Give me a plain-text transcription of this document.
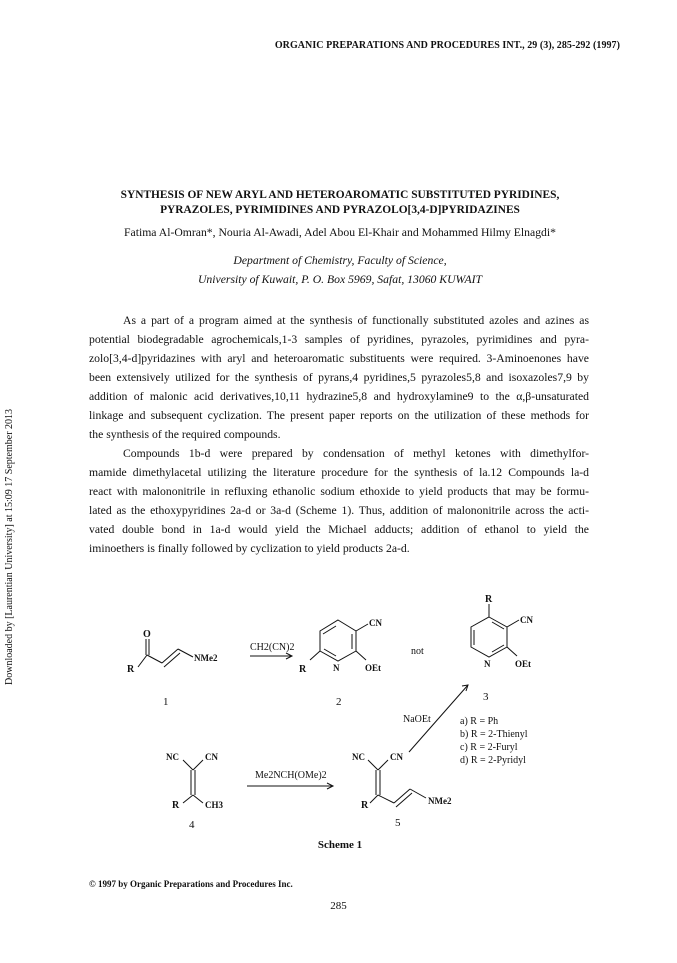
ORGANIC PREPARATIONS AND PROCEDURES INT., 29 (3), 285-292 (1997)
Downloaded by [Laurentian University] at 15:09 17 September 2013
SYNTHESIS OF NEW ARYL AND HETEROAROMATIC SUBSTITUTED PYRIDINES,
PYRAZOLES, PYRIMIDINES AND PYRAZOLO[3,4-D]PYRIDAZINES
Fatima Al-Omran*, Nouria Al-Awadi, Adel Abou El-Khair and Mohammed Hilmy Elnagdi*
Department of Chemistry, Faculty of Science,
University of Kuwait, P. O. Box 5969, Safat, 13060 KUWAIT
As a part of a program aimed at the synthesis of functionally substituted azoles and azines as
potential biodegradable agrochemicals,1-3 samples of pyridines, pyrazoles, pyrimidines and pyra-
zolo[3,4-d]pyridazines with aryl and heteroaromatic substituents were required. 3-Aminoenones have
been extensively utilized for the synthesis of pyrans,4 pyridines,5 pyrazoles5,8 and isoxazoles7,9 by
addition of malonic acid derivatives,10,11 hydrazine5,8 and hydroxylamine9 to the α,β-unsaturated
linkage and subsequent cyclization. The present paper reports on the utilization of these methods for
the synthesis of the required compounds.
Compounds 1b-d were prepared by condensation of methyl ketones with dimethylfor-
mamide dimethylacetal utilizing the literature procedure for the synthesis of la.12 Compounds la-d
react with malononitrile in refluxing ethanolic sodium ethoxide to yield products that may be formu-
lated as the ethoxypyridines 2a-d or 3a-d (Scheme 1). Thus, addition of malononitrile across the acti-
vated double bond in 1a-d would yield the Michael adducts; addition of ethanol to yield the
iminoethers is finally followed by cyclization to yield products 2a-d.
O
R
NMe2
1
CH2(CN)2
CN
R	N	OEt
2
not
R
CN
N	OEt
3
NaOEt	a) R = Ph
b) R = 2-Thienyl
c) R = 2-Furyl
d) R = 2-Pyridyl
NC	CN
R	CH3
4
Me2NCH(OMe)2
NC	CN
R	NMe2
5
Scheme 1
© 1997 by Organic Preparations and Procedures Inc.
285
